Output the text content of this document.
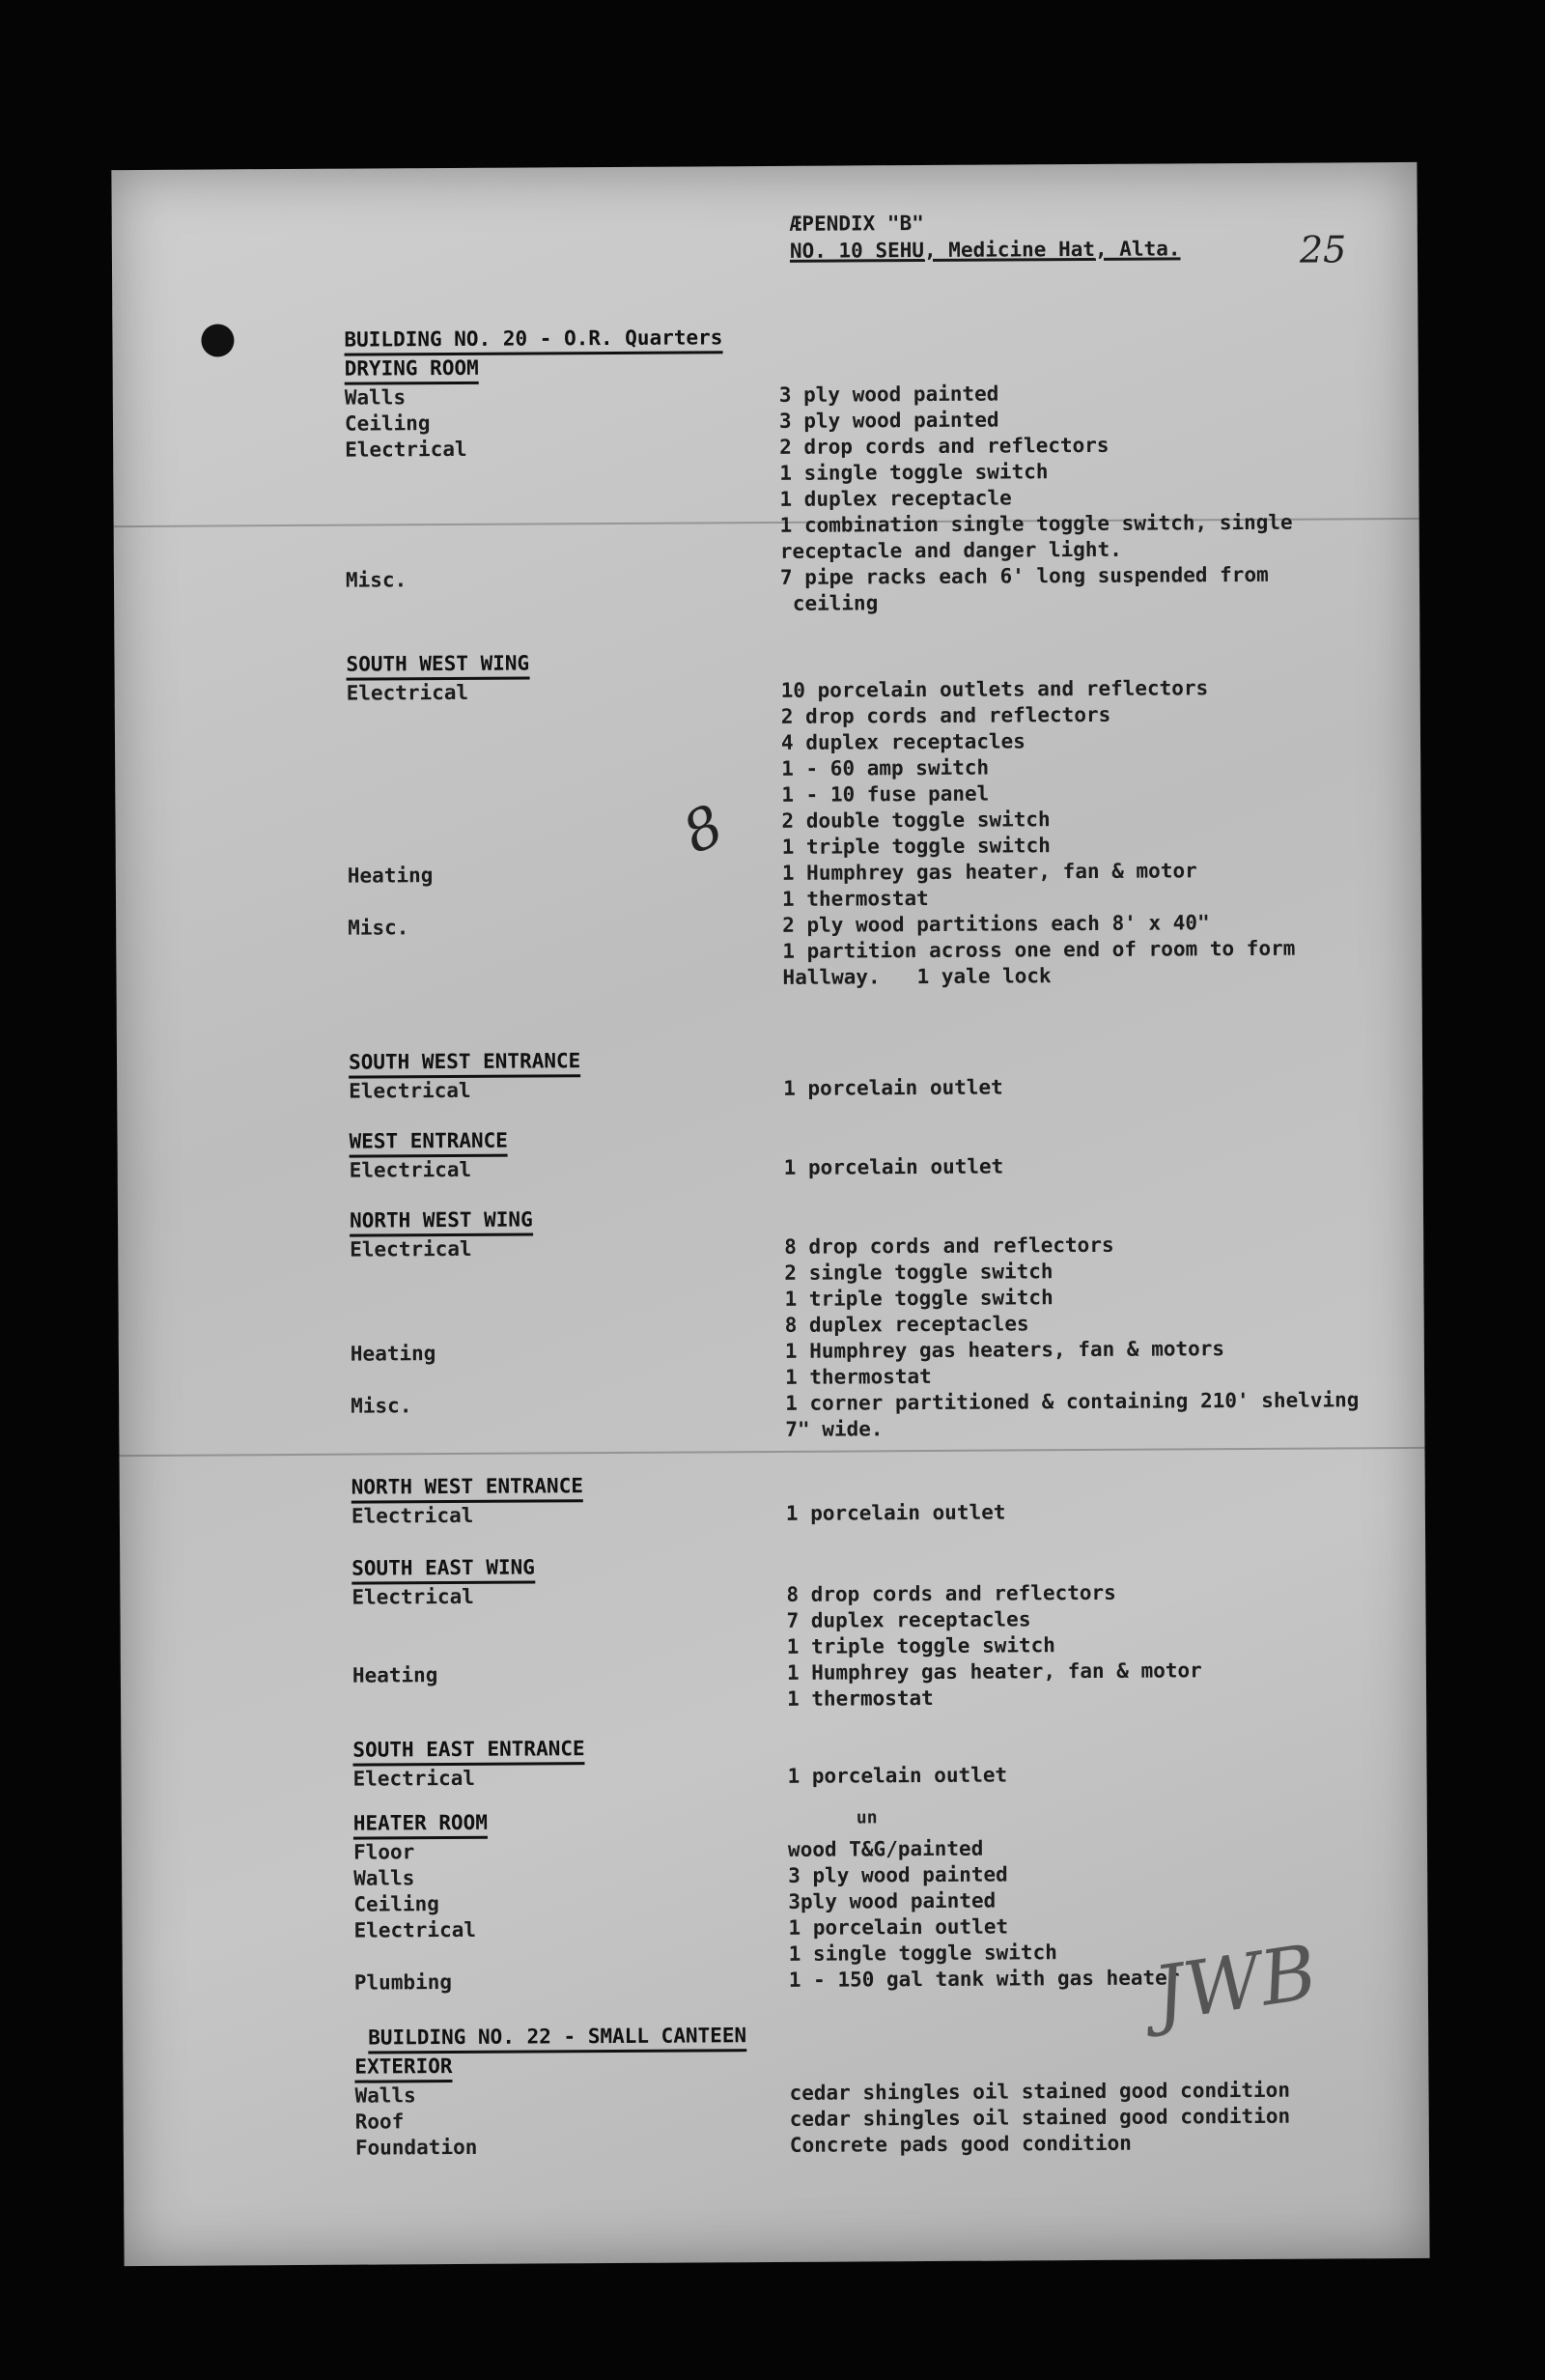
ÆPENDIX "B"
NO. 10 SEHU, Medicine Hat, Alta.	25
BUILDING NO. 20 - O.R. Quarters
DRYING ROOM
Walls	3 ply wood painted
Ceiling	3 ply wood painted
Electrical	2 drop cords and reflectors
1 single toggle switch
1 duplex receptacle
1 combination single toggle switch, single
receptacle and danger light.
Misc.	7 pipe racks each 6' long suspended from
ceiling
SOUTH WEST WING
Electrical	10 porcelain outlets and reflectors
2 drop cords and reflectors
4 duplex receptacles
1 - 60 amp switch
1 - 10 fuse panel
2 double toggle switch
1 triple toggle switch
Heating	1 Humphrey gas heater, fan & motor
1 thermostat
Misc.	2 ply wood partitions each 8' x 40"
1 partition across one end of room to form
Hallway.   1 yale lock
SOUTH WEST ENTRANCE
Electrical	1 porcelain outlet
WEST ENTRANCE
Electrical	1 porcelain outlet
NORTH WEST WING
Electrical	8 drop cords and reflectors
2 single toggle switch
1 triple toggle switch
8 duplex receptacles
Heating	1 Humphrey gas heaters, fan & motors
1 thermostat
Misc.	1 corner partitioned & containing 210' shelving
7" wide.
NORTH WEST ENTRANCE
Electrical	1 porcelain outlet
SOUTH EAST WING
Electrical	8 drop cords and reflectors
7 duplex receptacles
1 triple toggle switch
Heating	1 Humphrey gas heater, fan & motor
1 thermostat
SOUTH EAST ENTRANCE
Electrical	1 porcelain outlet
HEATER ROOM	un
Floor	wood T&G/painted
Walls	3 ply wood painted
Ceiling	3ply wood painted
Electrical	1 porcelain outlet
1 single toggle switch
Plumbing	1 - 150 gal tank with gas heater
BUILDING NO. 22 - SMALL CANTEEN
EXTERIOR
Walls	cedar shingles oil stained good condition
Roof	cedar shingles oil stained good condition
Foundation	Concrete pads good condition
8
JWB
